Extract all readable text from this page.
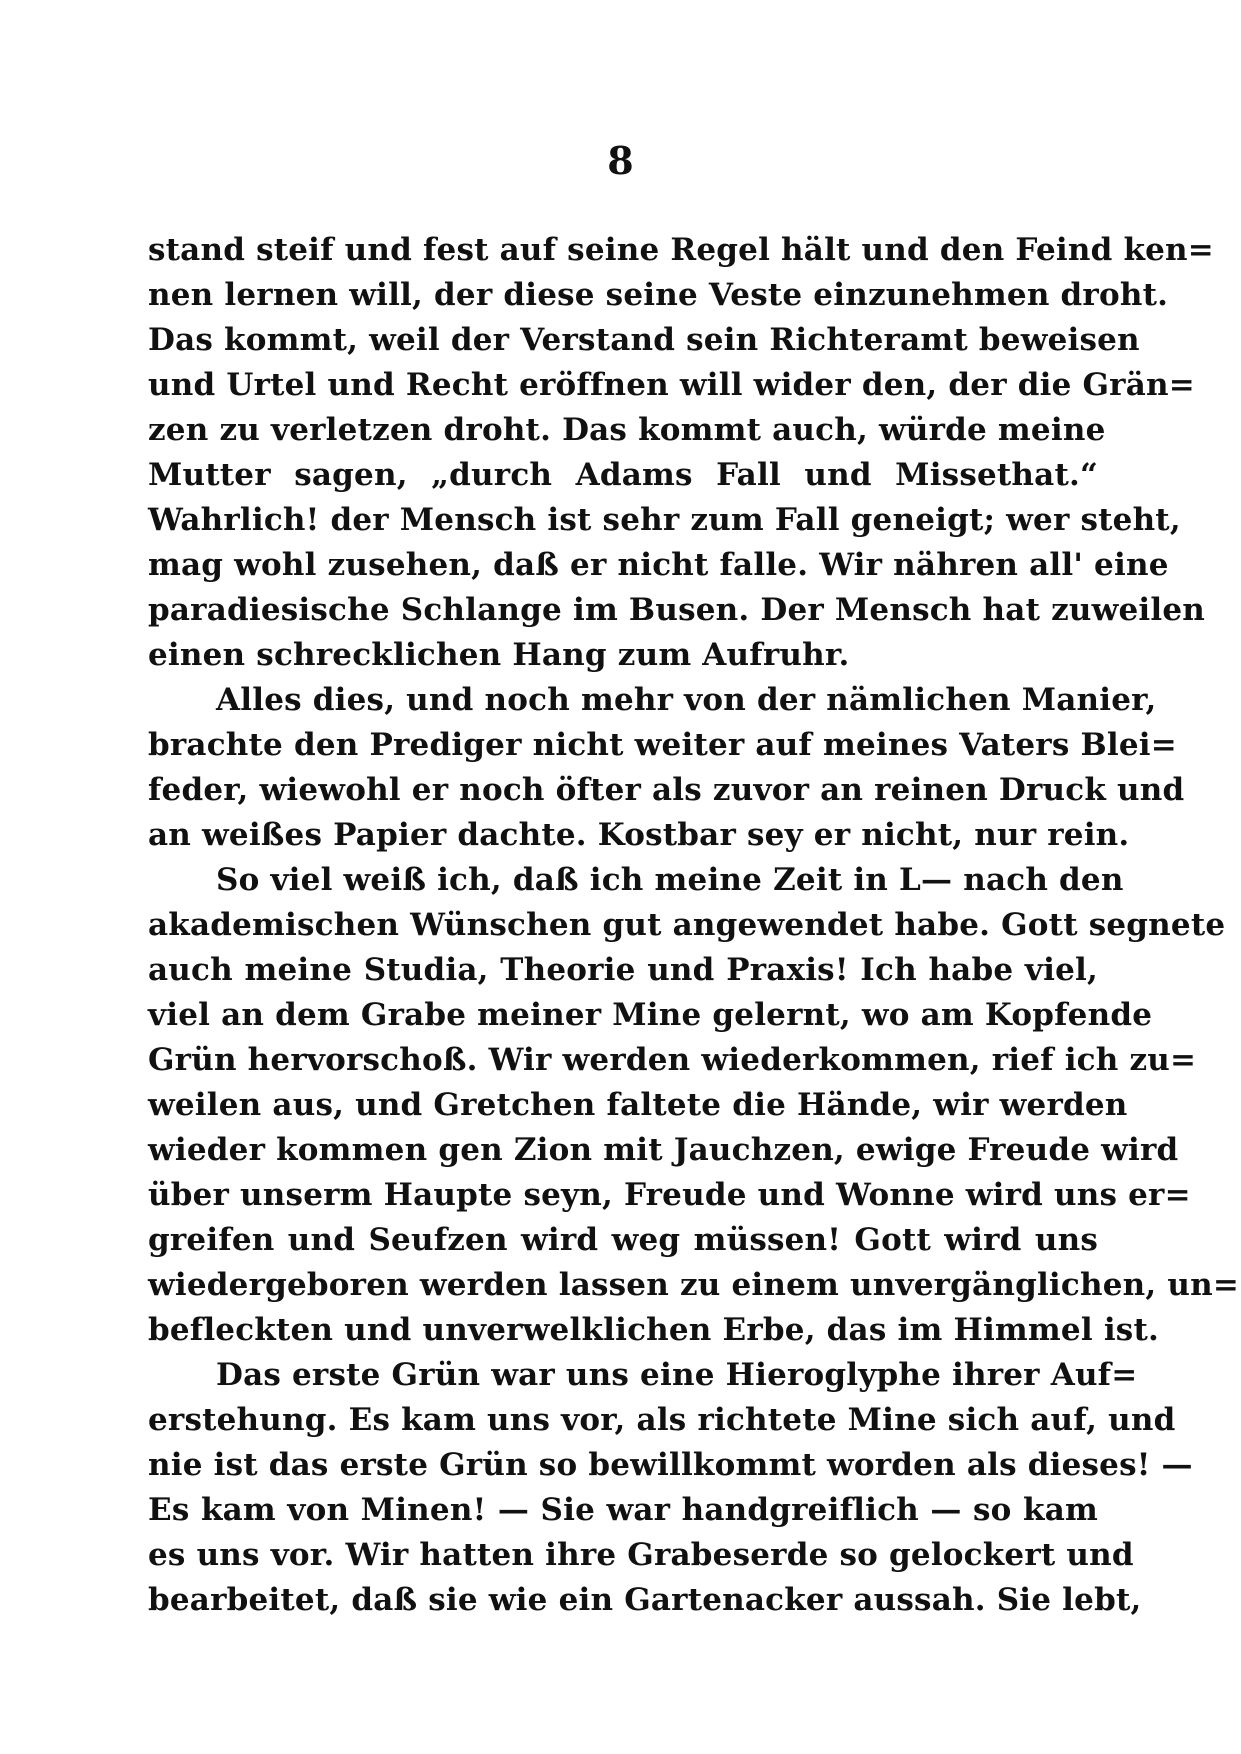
8
stand steif und fest auf seine Regel hält und den Feind ken=
nen lernen will, der diese seine Veste einzunehmen droht.
Das kommt, weil der Verstand sein Richteramt beweisen
und Urtel und Recht eröffnen will wider den, der die Grän=
zen zu verletzen droht. Das kommt auch, würde meine
Mutter sagen, „durch Adams Fall und Missethat.“
Wahrlich! der Mensch ist sehr zum Fall geneigt; wer steht,
mag wohl zusehen, daß er nicht falle. Wir nähren all' eine
paradiesische Schlange im Busen. Der Mensch hat zuweilen
einen schrecklichen Hang zum Aufruhr.
Alles dies, und noch mehr von der nämlichen Manier,
brachte den Prediger nicht weiter auf meines Vaters Blei=
feder, wiewohl er noch öfter als zuvor an reinen Druck und
an weißes Papier dachte. Kostbar sey er nicht, nur rein.
So viel weiß ich, daß ich meine Zeit in L— nach den
akademischen Wünschen gut angewendet habe. Gott segnete
auch meine Studia, Theorie und Praxis! Ich habe viel,
viel an dem Grabe meiner Mine gelernt, wo am Kopfende
Grün hervorschoß. Wir werden wiederkommen, rief ich zu=
weilen aus, und Gretchen faltete die Hände, wir werden
wieder kommen gen Zion mit Jauchzen, ewige Freude wird
über unserm Haupte seyn, Freude und Wonne wird uns er=
greifen und Seufzen wird weg müssen! Gott wird uns
wiedergeboren werden lassen zu einem unvergänglichen, un=
befleckten und unverwelklichen Erbe, das im Himmel ist.
Das erste Grün war uns eine Hieroglyphe ihrer Auf=
erstehung. Es kam uns vor, als richtete Mine sich auf, und
nie ist das erste Grün so bewillkommt worden als dieses! —
Es kam von Minen! — Sie war handgreiflich — so kam
es uns vor. Wir hatten ihre Grabeserde so gelockert und
bearbeitet, daß sie wie ein Gartenacker aussah. Sie lebt,
